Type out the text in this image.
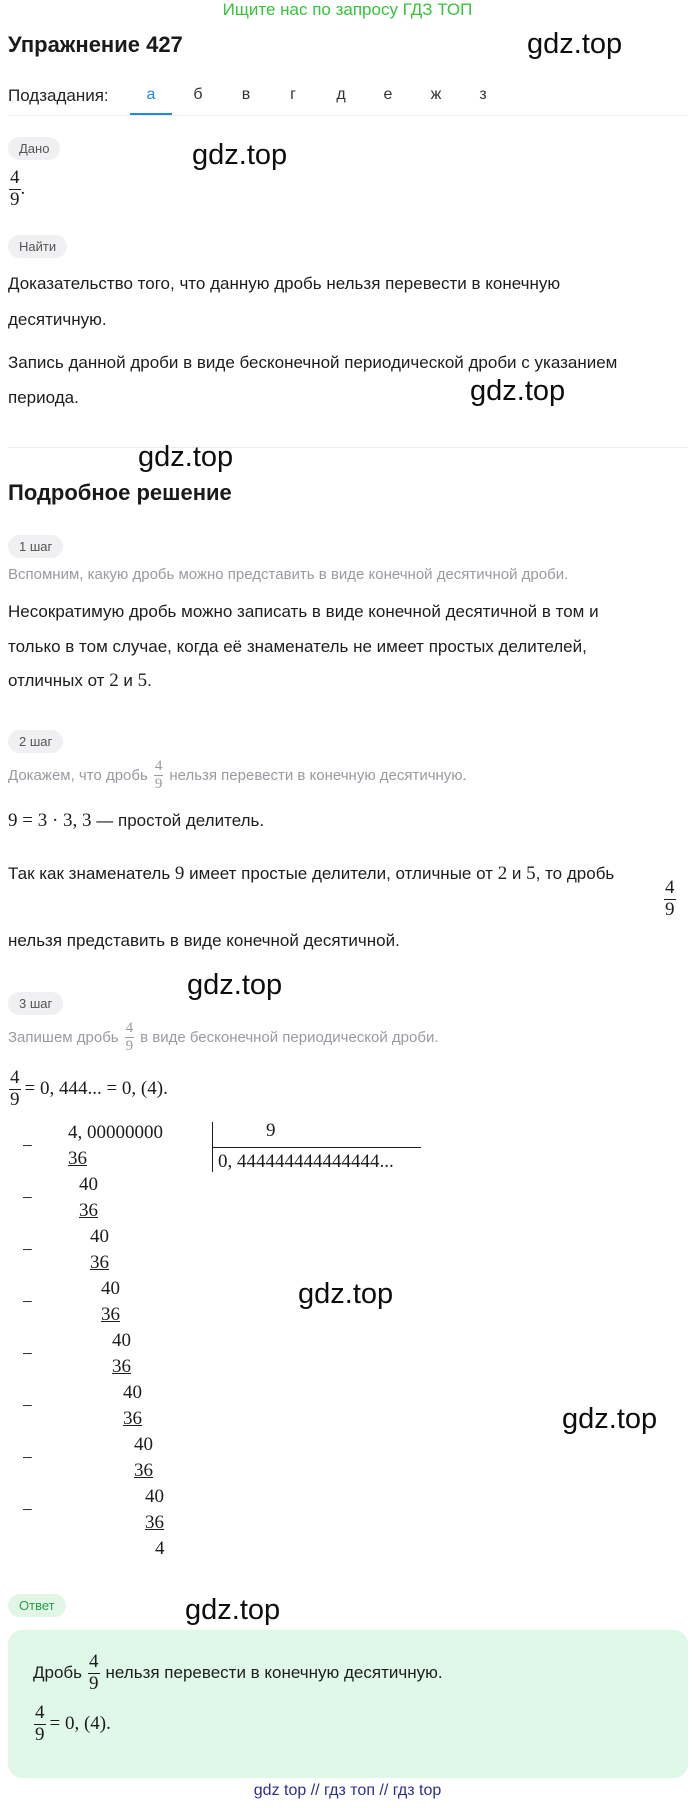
Ищите нас по запросу ГДЗ ТОП
Упражнение 427	gdz.top
Подзадания:	а	б	в	г	д	е	ж	з
Дано	gdz.top
$\frac{4}{9}$ .
Найти
Доказательство того, что данную дробь нельзя перевести в конечную
десятичную.
Запись данной дроби в виде бесконечной периодической дроби с указанием
периода.	gdz.top
gdz.top
Подробное решение
1 шаг
Вспомним, какую дробь можно представить в виде конечной десятичной дроби.
Несократимую дробь можно записать в виде конечной десятичной в том и
только в том случае, когда её знаменатель не имеет простых делителей,
отличных от 2 и 5.
2 шаг
Докажем, что дробь $\frac{4}{9}$ нельзя перевести в конечную десятичную.
9 = 3 · 3, 3 — простой делитель.
Так как знаменатель 9 имеет простые делители, отличные от 2 и 5, то дробь
$\frac{4}{9}$
нельзя представить в виде конечной десятичной.
gdz.top
3 шаг
Запишем дробь $\frac{4}{9}$ в виде бесконечной периодической дроби.
$\frac{4}{9} = 0$, 444... = 0, (4).
4, 00000000	9
0, 444444444444444...
−
36
40
−
36
40
−
36
40
−
36
40
−
36
40
−
36
40
−
36
40
−
36
4
gdz.top
gdz.top
Ответ	gdz.top
Дробь $\frac{4}{9}$ нельзя перевести в конечную десятичную.
$\frac{4}{9} = 0$, (4).
gdz top // гдз топ // гдз top
